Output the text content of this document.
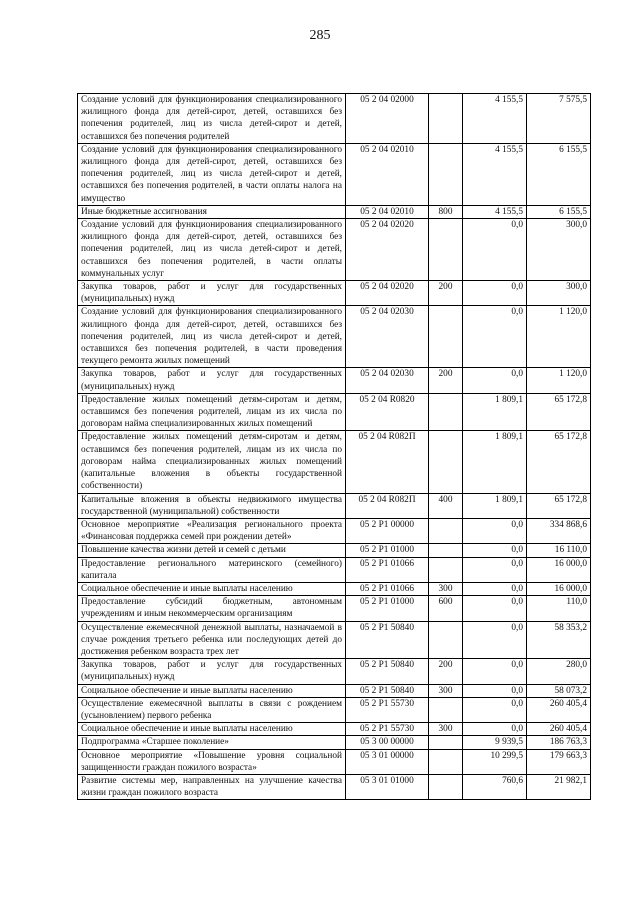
285
Создание условий для функционирования специализированного жилищного фонда для детей-сирот, детей, оставшихся без попечения родителей, лиц из числа детей-сирот и детей, оставшихся без попечения родителей	05 2 04 02000		4 155,5	7 575,5
Создание условий для функционирования специализированного жилищного фонда для детей-сирот, детей, оставшихся без попечения родителей, лиц из числа детей-сирот и детей, оставшихся без попечения родителей, в части оплаты налога на имущество	05 2 04 02010		4 155,5	6 155,5
Иные бюджетные ассигнования	05 2 04 02010	800	4 155,5	6 155,5
Создание условий для функционирования специализированного жилищного фонда для детей-сирот, детей, оставшихся без попечения родителей, лиц из числа детей-сирот и детей, оставшихся без попечения родителей, в части оплаты коммунальных услуг	05 2 04 02020		0,0	300,0
Закупка товаров, работ и услуг для государственных (муниципальных) нужд	05 2 04 02020	200	0,0	300,0
Создание условий для функционирования специализированного жилищного фонда для детей-сирот, детей, оставшихся без попечения родителей, лиц из числа детей-сирот и детей, оставшихся без попечения родителей, в части проведения текущего ремонта жилых помещений	05 2 04 02030		0,0	1 120,0
Закупка товаров, работ и услуг для государственных (муниципальных) нужд	05 2 04 02030	200	0,0	1 120,0
Предоставление жилых помещений детям-сиротам и детям, оставшимся без попечения родителей, лицам из их числа по договорам найма специализированных жилых помещений	05 2 04 R0820		1 809,1	65 172,8
Предоставление жилых помещений детям-сиротам и детям, оставшимся без попечения родителей, лицам из их числа по договорам найма специализированных жилых помещений (капитальные вложения в объекты государственной собственности)	05 2 04 R082П		1 809,1	65 172,8
Капитальные вложения в объекты недвижимого имущества государственной (муниципальной) собственности	05 2 04 R082П	400	1 809,1	65 172,8
Основное мероприятие «Реализация регионального проекта «Финансовая поддержка семей при рождении детей»	05 2 P1 00000		0,0	334 868,6
Повышение качества жизни детей и семей с детьми	05 2 P1 01000		0,0	16 110,0
Предоставление регионального материнского (семейного) капитала	05 2 P1 01066		0,0	16 000,0
Социальное обеспечение и иные выплаты населению	05 2 P1 01066	300	0,0	16 000,0
Предоставление субсидий бюджетным, автономным учреждениям и иным некоммерческим организациям	05 2 P1 01000	600	0,0	110,0
Осуществление ежемесячной денежной выплаты, назначаемой в случае рождения третьего ребенка или последующих детей до достижения ребенком возраста трех лет	05 2 P1 50840		0,0	58 353,2
Закупка товаров, работ и услуг для государственных (муниципальных) нужд	05 2 P1 50840	200	0,0	280,0
Социальное обеспечение и иные выплаты населению	05 2 P1 50840	300	0,0	58 073,2
Осуществление ежемесячной выплаты в связи с рождением (усыновлением) первого ребенка	05 2 P1 55730		0,0	260 405,4
Социальное обеспечение и иные выплаты населению	05 2 P1 55730	300	0,0	260 405,4
Подпрограмма «Старшее поколение»	05 3 00 00000		9 939,5	186 763,3
Основное мероприятие «Повышение уровня социальной защищенности граждан пожилого возраста»	05 3 01 00000		10 299,5	179 663,3
Развитие системы мер, направленных на улучшение качества жизни граждан пожилого возраста	05 3 01 01000		760,6	21 982,1
